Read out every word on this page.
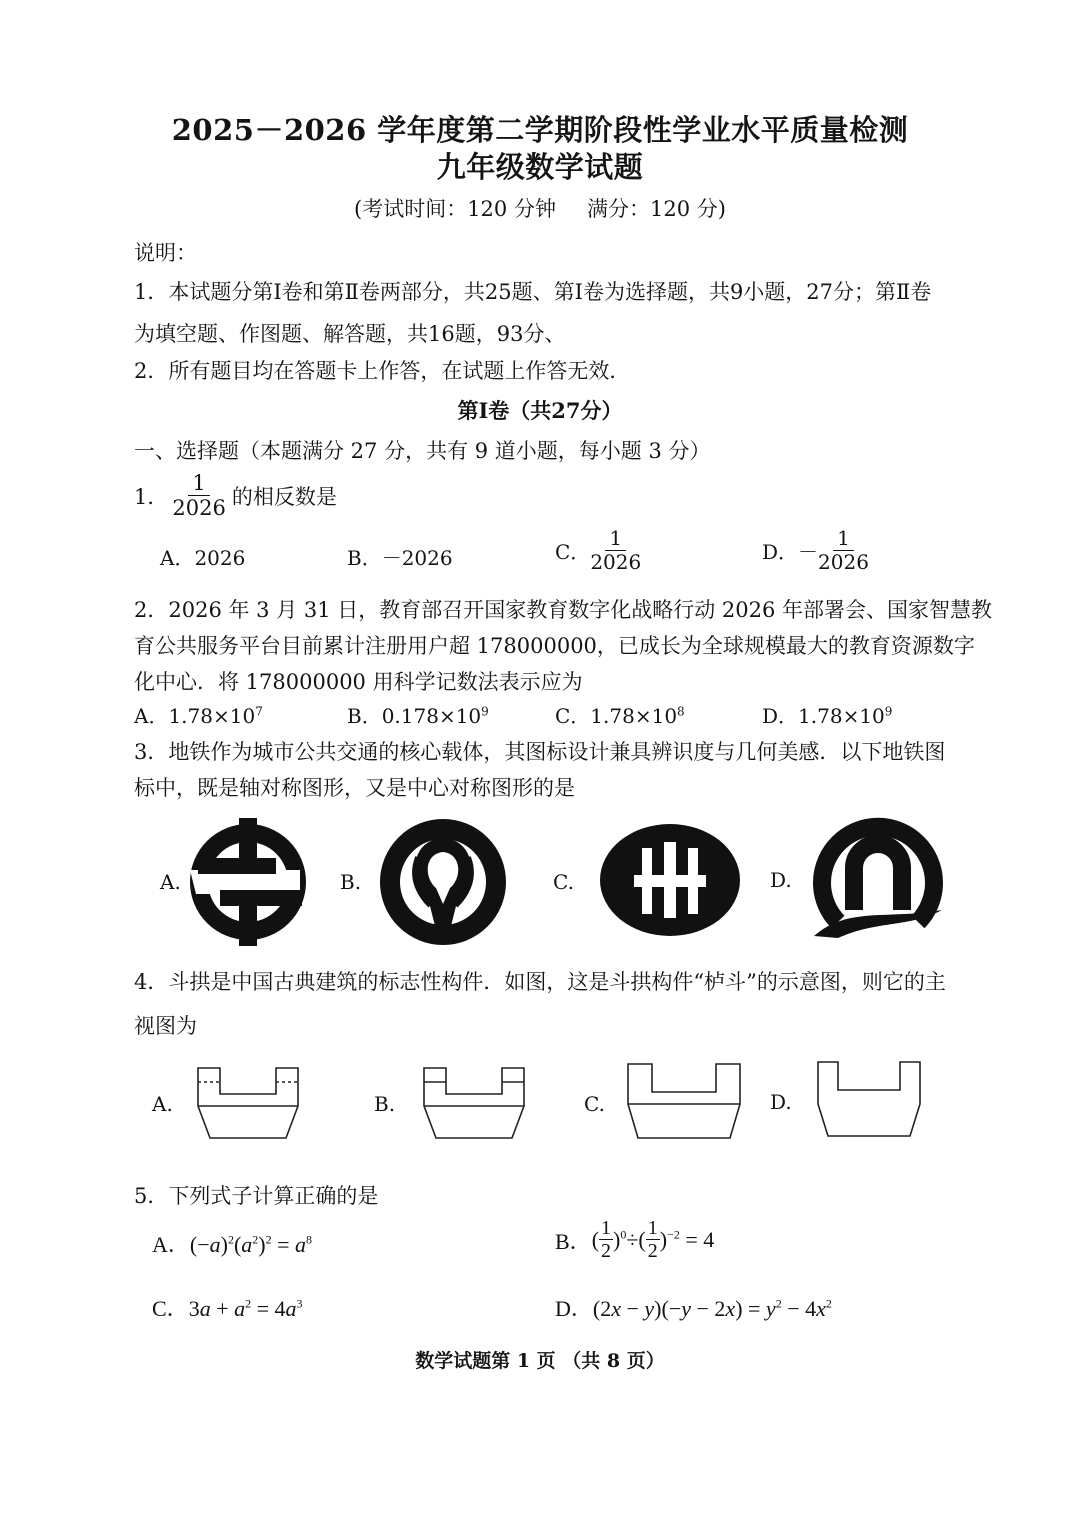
2025－2026 学年度第二学期阶段性学业水平质量检测
九年级数学试题
(考试时间：120 分钟 满分：120 分)
说明：
1．本试题分第Ⅰ卷和第Ⅱ卷两部分，共25题、第Ⅰ卷为选择题，共9小题，27分；第Ⅱ卷
为填空题、作图题、解答题，共16题，93分、
2．所有题目均在答题卡上作答，在试题上作答无效．
第Ⅰ卷（共27分）
一、选择题（本题满分 27 分，共有 9 道小题，每小题 3 分）
1． $\frac{1}{2026}$ 的相反数是
A．2026	B．－2026	C． $\frac{1}{2026}$	D．－ $\frac{1}{2026}$
2．2026 年 3 月 31 日，教育部召开国家教育数字化战略行动 2026 年部署会、国家智慧教
育公共服务平台目前累计注册用户超 178000000，已成长为全球规模最大的教育资源数字
化中心．将 178000000 用科学记数法表示应为
A．$1.78\times 10^7$	B．$0.178\times 10^9$	C．$1.78\times 10^8$	D．$1.78\times 10^9$
3．地铁作为城市公共交通的核心载体，其图标设计兼具辨识度与几何美感．以下地铁图
标中，既是轴对称图形，又是中心对称图形的是
A.	B.	C.	D.
4．斗拱是中国古典建筑的标志性构件．如图，这是斗拱构件“栌斗”的示意图，则它的主
视图为
A.	B.	C.	D.
5．下列式子计算正确的是
A．$(-a)^2(a^2)^2 = a^8$	B． ( $\frac{1}{2} )^0\div( \frac{1}{2} )^{-2} = 4$
C．$3a + a^2 = 4a^3$	D．$(2x - y)(-y - 2x) = y^2 - 4x^2$
数学试题第 1 页 （共 8 页）
